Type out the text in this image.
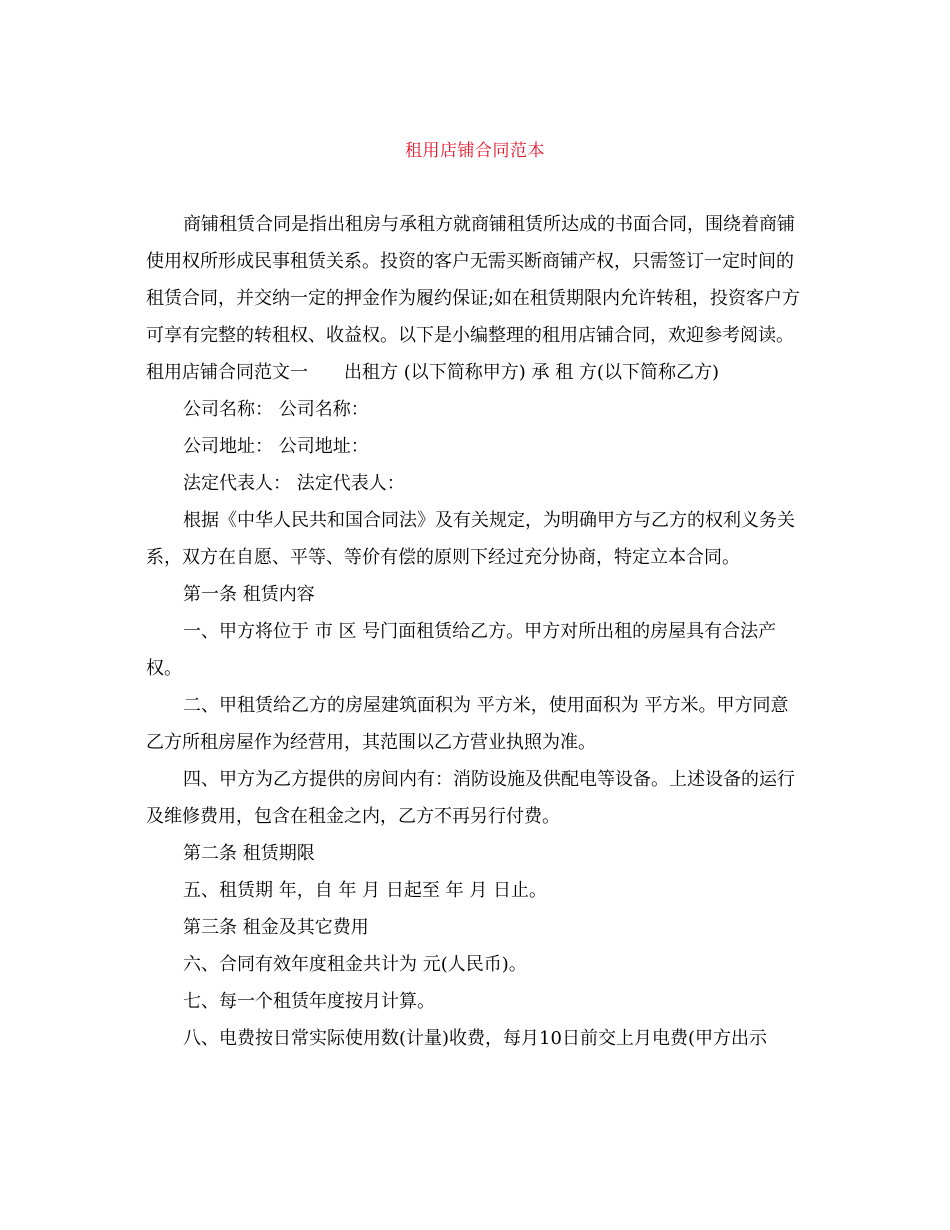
租用店铺合同范本

商铺租赁合同是指出租房与承租方就商铺租赁所达成的书面合同，围绕着商铺使用权所形成民事租赁关系。投资的客户无需买断商铺产权，只需签订一定时间的租赁合同，并交纳一定的押金作为履约保证;如在租赁期限内允许转租，投资客户方可享有完整的转租权、收益权。以下是小编整理的租用店铺合同，欢迎参考阅读。

租用店铺合同范文一 出租方 (以下简称甲方) 承 租 方(以下简称乙方)

公司名称： 公司名称：

公司地址： 公司地址：

法定代表人： 法定代表人：

根据《中华人民共和国合同法》及有关规定，为明确甲方与乙方的权利义务关系，双方在自愿、平等、等价有偿的原则下经过充分协商，特定立本合同。

第一条 租赁内容

一、甲方将位于 市 区 号门面租赁给乙方。甲方对所出租的房屋具有合法产权。

二、甲租赁给乙方的房屋建筑面积为 平方米，使用面积为 平方米。甲方同意乙方所租房屋作为经营用，其范围以乙方营业执照为准。

四、甲方为乙方提供的房间内有：消防设施及供配电等设备。上述设备的运行及维修费用，包含在租金之内，乙方不再另行付费。

第二条 租赁期限

五、租赁期 年，自 年 月 日起至 年 月 日止。

第三条 租金及其它费用

六、合同有效年度租金共计为 元(人民币)。

七、每一个租赁年度按月计算。

八、电费按日常实际使用数(计量)收费，每月10日前交上月电费(甲方出示
